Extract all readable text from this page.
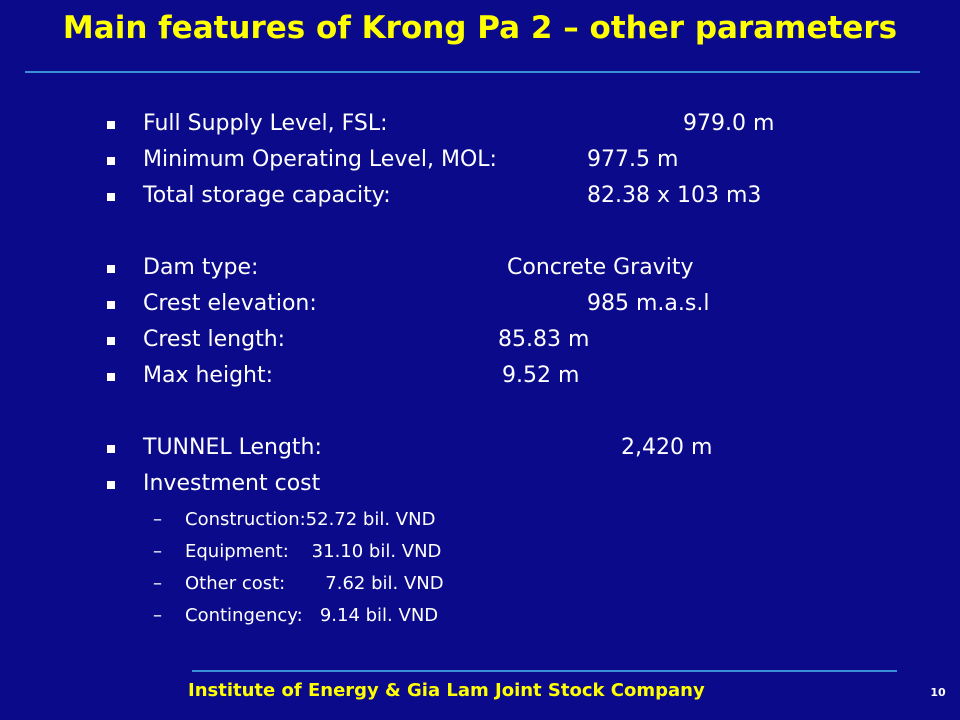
Main features of Krong Pa 2 – other parameters
Full Supply Level, FSL:	979.0 m
Minimum Operating Level, MOL:	977.5 m
Total storage capacity:	82.38 x 103 m3
Dam type:	Concrete Gravity
Crest elevation:	985 m.a.s.l
Crest length:	85.83 m
Max height:	9.52 m
TUNNEL Length:	2,420 m
Investment cost
– Construction:52.72 bil. VND
– Equipment:    31.10 bil. VND
– Other cost:       7.62 bil. VND
– Contingency:   9.14 bil. VND
Institute of Energy & Gia Lam Joint Stock Company	10
